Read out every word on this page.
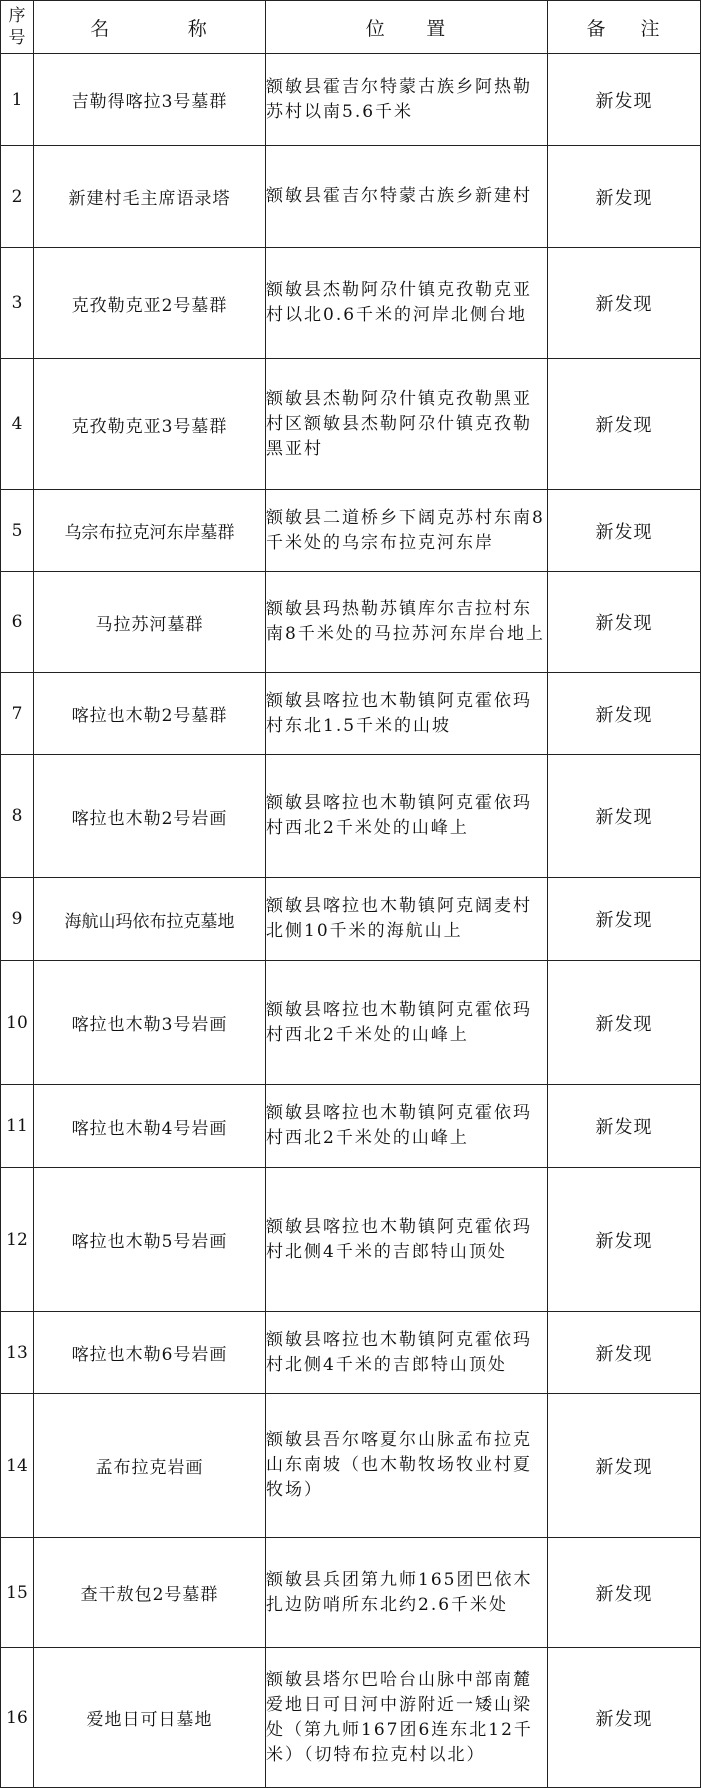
序号	名 称	位 置	备 注

1	吉勒得喀拉3号墓群	额敏县霍吉尔特蒙古族乡阿热勒苏村以南5.6千米	新发现
2	新建村毛主席语录塔	额敏县霍吉尔特蒙古族乡新建村	新发现
3	克孜勒克亚2号墓群	额敏县杰勒阿尕什镇克孜勒克亚村以北0.6千米的河岸北侧台地	新发现
4	克孜勒克亚3号墓群	额敏县杰勒阿尕什镇克孜勒黑亚村区额敏县杰勒阿尕什镇克孜勒黑亚村	新发现
5	乌宗布拉克河东岸墓群	额敏县二道桥乡下阔克苏村东南8千米处的乌宗布拉克河东岸	新发现
6	马拉苏河墓群	额敏县玛热勒苏镇库尔吉拉村东南8千米处的马拉苏河东岸台地上	新发现
7	喀拉也木勒2号墓群	额敏县喀拉也木勒镇阿克霍依玛村东北1.5千米的山坡	新发现
8	喀拉也木勒2号岩画	额敏县喀拉也木勒镇阿克霍依玛村西北2千米处的山峰上	新发现
9	海航山玛依布拉克墓地	额敏县喀拉也木勒镇阿克阔麦村北侧10千米的海航山上	新发现
10	喀拉也木勒3号岩画	额敏县喀拉也木勒镇阿克霍依玛村西北2千米处的山峰上	新发现
11	喀拉也木勒4号岩画	额敏县喀拉也木勒镇阿克霍依玛村西北2千米处的山峰上	新发现
12	喀拉也木勒5号岩画	额敏县喀拉也木勒镇阿克霍依玛村北侧4千米的吉郎特山顶处	新发现
13	喀拉也木勒6号岩画	额敏县喀拉也木勒镇阿克霍依玛村北侧4千米的吉郎特山顶处	新发现
14	孟布拉克岩画	额敏县吾尔喀夏尔山脉孟布拉克山东南坡（也木勒牧场牧业村夏牧场）	新发现
15	查干敖包2号墓群	额敏县兵团第九师165团巴依木扎边防哨所东北约2.6千米处	新发现
16	爱地日可日墓地	额敏县塔尔巴哈台山脉中部南麓爱地日可日河中游附近一矮山梁处（第九师167团6连东北12千米）（切特布拉克村以北）	新发现
